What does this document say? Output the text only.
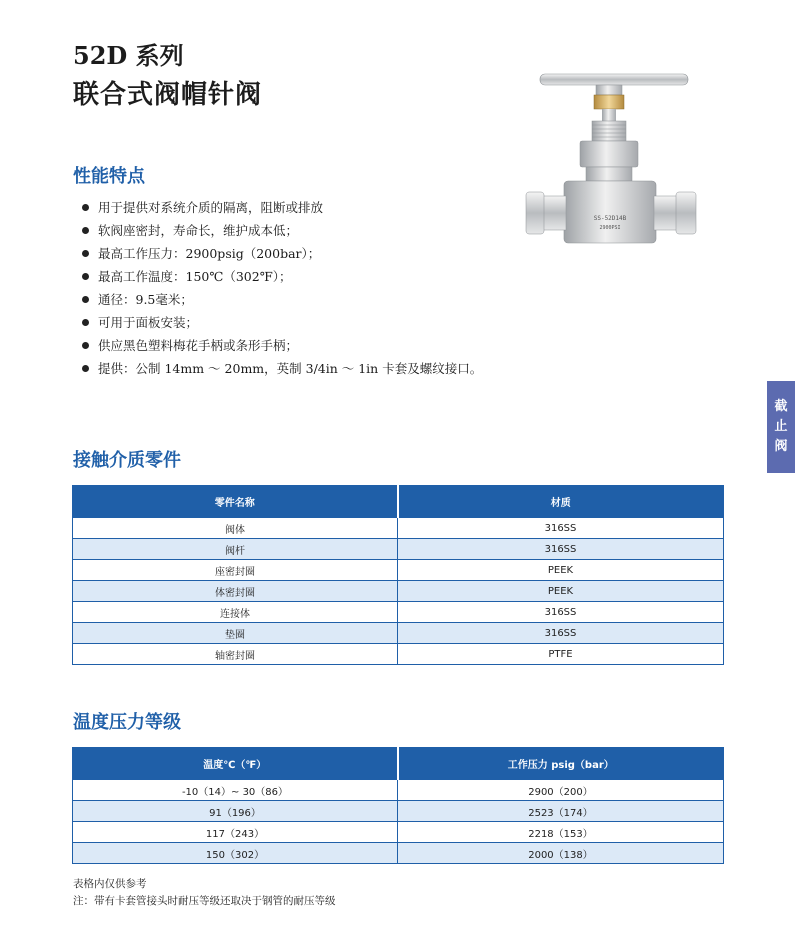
52D 系列
联合式阀帽针阀
SS-52D14B
2900PSI
性能特点
用于提供对系统介质的隔离，阻断或排放
软阀座密封，寿命长，维护成本低；
最高工作压力：2900psig（200bar）；
最高工作温度：150℃（302℉）；
通径：9.5毫米；
可用于面板安装；
供应黑色塑料梅花手柄或条形手柄；
提供：公制 14mm ～ 20mm，英制 3/4in ～ 1in 卡套及螺纹接口。
截
止
阀
接触介质零件
零件名称	材质
阀体	316SS
阀杆	316SS
座密封圈	PEEK
体密封圈	PEEK
连接体	316SS
垫圈	316SS
轴密封圈	PTFE
温度压力等级
温度℃（℉）	工作压力 psig（bar）
-10（14）~ 30（86）	2900（200）
91（196）	2523（174）
117（243）	2218（153）
150（302）	2000（138）
表格内仅供参考
注：带有卡套管接头时耐压等级还取决于钢管的耐压等级
